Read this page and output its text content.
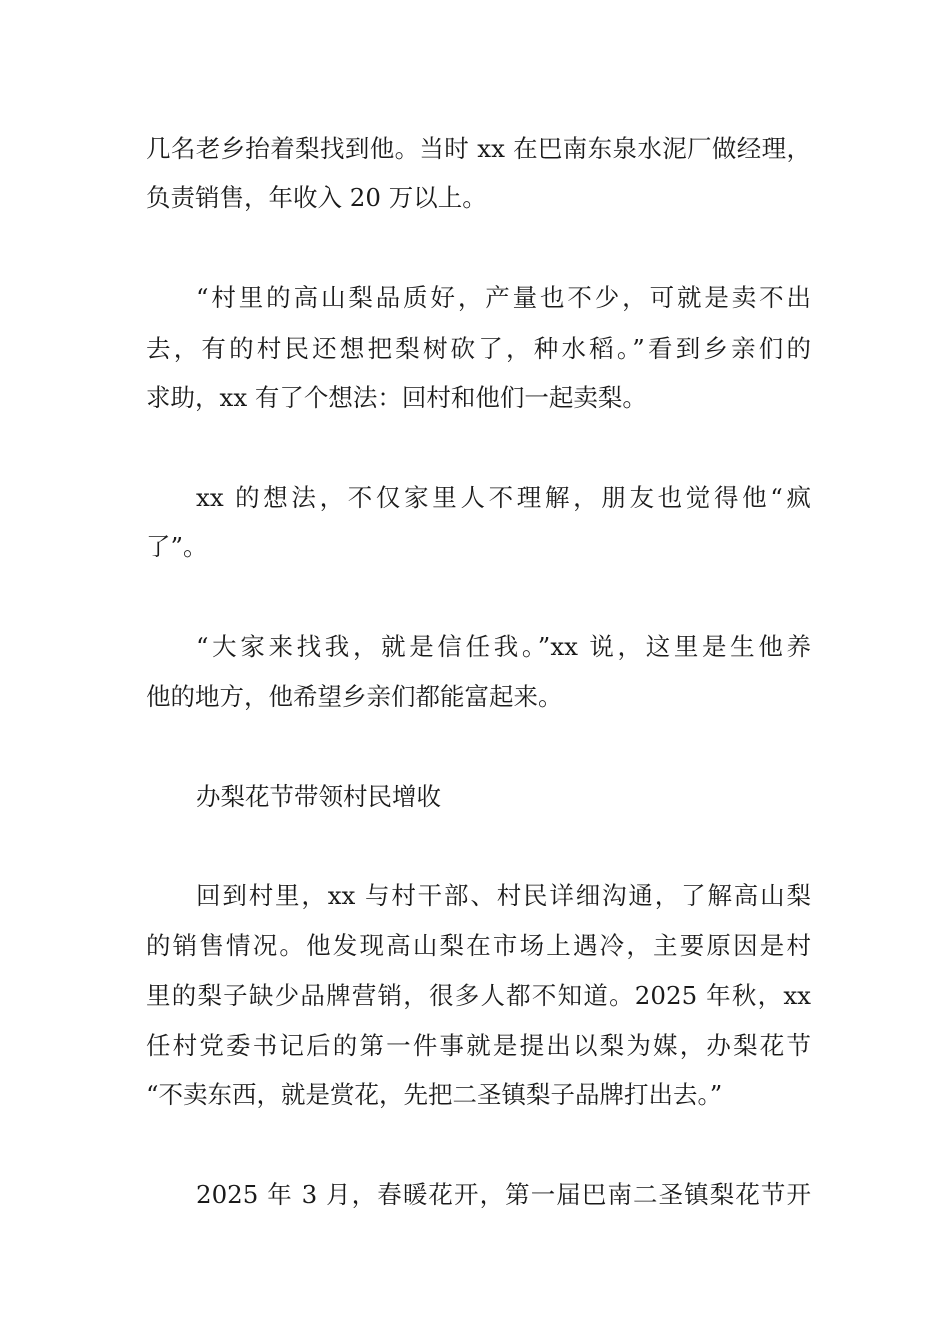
几名老乡抬着梨找到他。当时 xx 在巴南东泉水泥厂做经理，
负责销售，年收入 20 万以上。
“村里的高山梨品质好，产量也不少，可就是卖不出
去，有的村民还想把梨树砍了，种水稻。”看到乡亲们的
求助，xx 有了个想法：回村和他们一起卖梨。
xx 的想法，不仅家里人不理解，朋友也觉得他“疯
了”。
“大家来找我，就是信任我。”xx 说，这里是生他养
他的地方，他希望乡亲们都能富起来。
办梨花节带领村民增收
回到村里，xx 与村干部、村民详细沟通，了解高山梨
的销售情况。他发现高山梨在市场上遇冷，主要原因是村
里的梨子缺少品牌营销，很多人都不知道。2025 年秋，xx
任村党委书记后的第一件事就是提出以梨为媒，办梨花节
“不卖东西，就是赏花，先把二圣镇梨子品牌打出去。”
2025 年 3 月，春暖花开，第一届巴南二圣镇梨花节开
